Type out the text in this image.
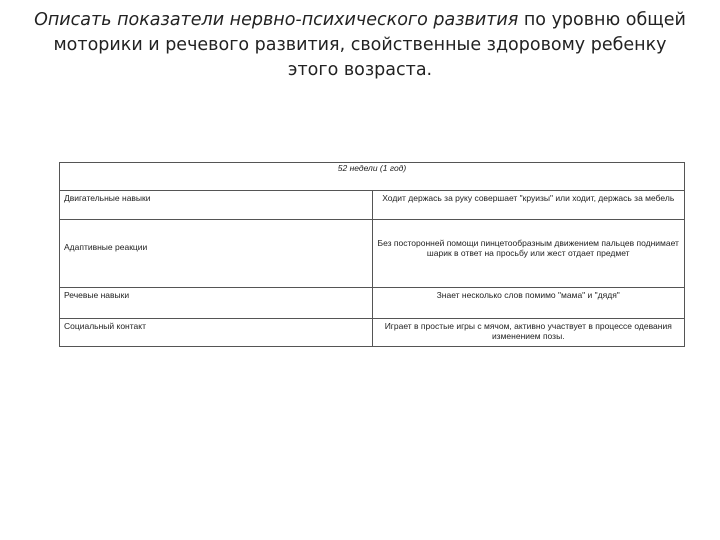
Описать показатели нервно-психического развития по уровню общей моторики и речевого развития, свойственные здоровому ребенку этого возраста.
52 недели (1 год)	
Двигательные навыки	Ходит держась за руку совершает "круизы" или ходит, держась за мебель
Адаптивные реакции	Без посторонней помощи пинцетообразным движением пальцев поднимает шарик в ответ на просьбу или жест отдает предмет
Речевые навыки	Знает несколько слов помимо "мама" и "дядя"
Социальный контакт	Играет в простые игры с мячом, активно участвует в процессе одевания изменением позы.
